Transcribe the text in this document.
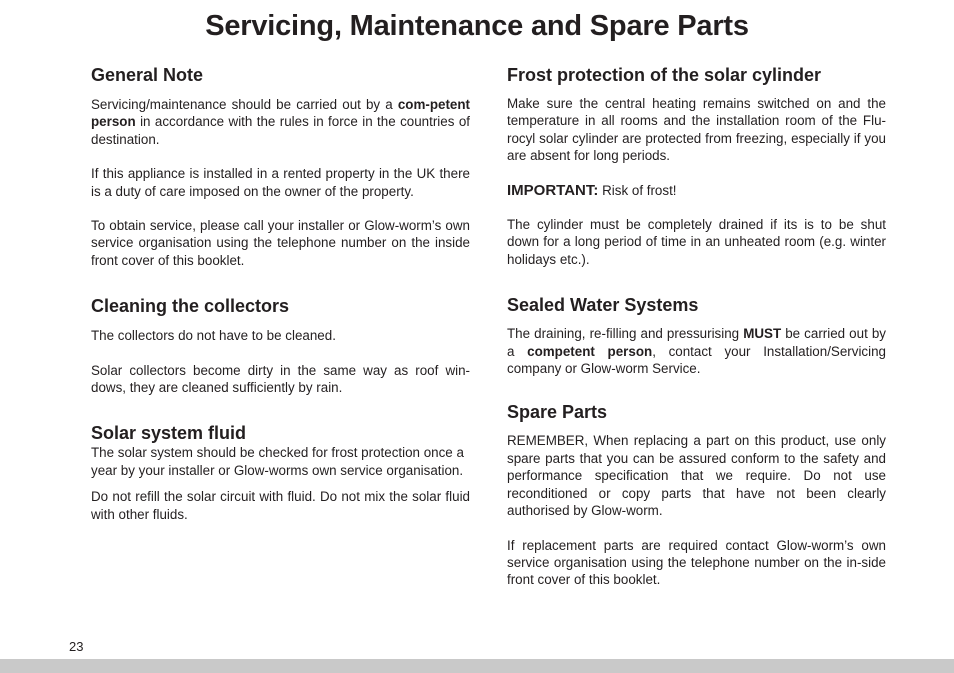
Servicing, Maintenance and Spare Parts
General Note

Servicing/maintenance should be carried out by a com-petent person in accordance with the rules in force in the countries of destination.

If this appliance is installed in a rented property in the UK there is a duty of care imposed on the owner of the property.

To obtain service, please call your installer or Glow-worm’s own service organisation using the telephone number on the inside front cover of this booklet.

Cleaning the collectors

The collectors do not have to be cleaned.

Solar collectors become dirty in the same way as roof win-dows, they are cleaned sufficiently by rain.

Solar system fluid

The solar system should be checked for frost protection once a year by your installer or Glow-worms own service organisation.

Do not refill the solar circuit with fluid. Do not mix the solar fluid with other fluids.

Frost protection of the solar cylinder

Make sure the central heating remains switched on and the temperature in all rooms and the installation room of the Flu-rocyl solar cylinder are protected from freezing, especially if you are absent for long periods.

IMPORTANT: Risk of frost!

The cylinder must be completely drained if its is to be shut down for a long period of time in an unheated room (e.g. winter holidays etc.).

Sealed Water Systems

The draining, re-filling and pressurising MUST be carried out by a competent person, contact your Installation/Servicing company or Glow-worm Service.

Spare Parts

REMEMBER, When replacing a part on this product, use only spare parts that you can be assured conform to the safety and performance specification that we require. Do not use reconditioned or copy parts that have not been clearly authorised by Glow-worm.

If replacement parts are required contact Glow-worm’s own service organisation using the telephone number on the in-side front cover of this booklet.

23
